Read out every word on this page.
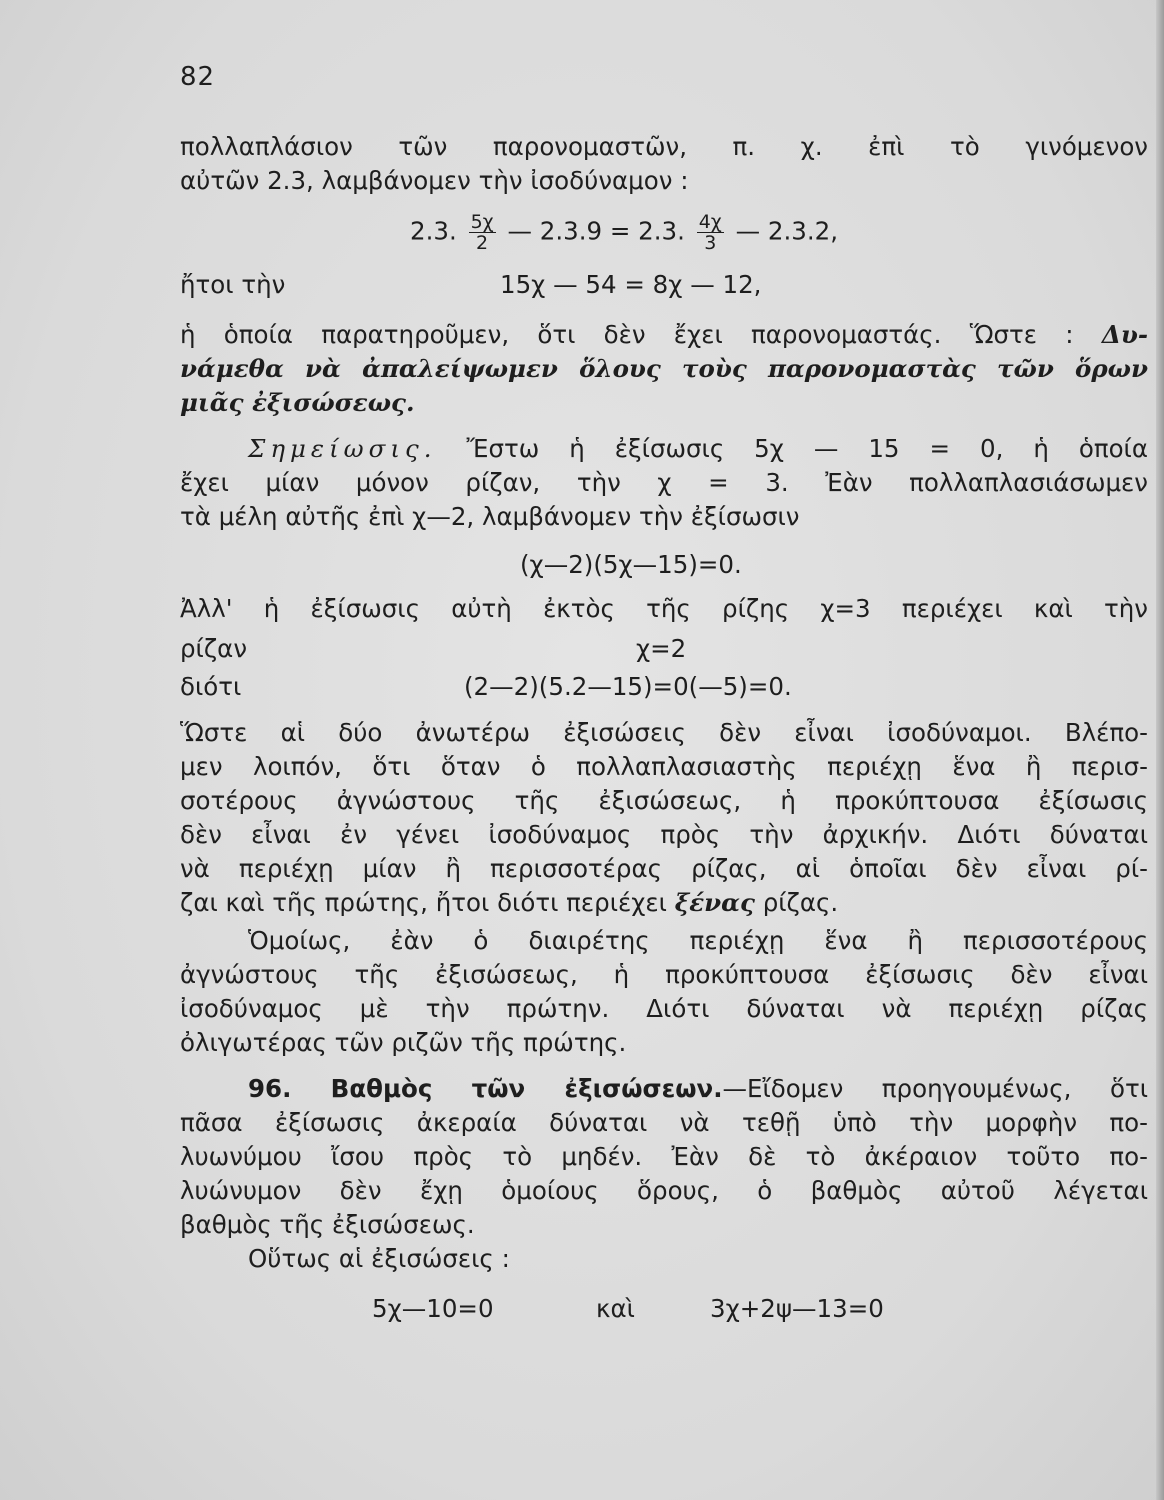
82
πολλαπλάσιον τῶν παρονομαστῶν, π. χ. ἐπὶ τὸ γινόμενον
αὐτῶν 2.3, λαμβάνομεν τὴν ἰσοδύναμον :
2.3. $\frac{5\chi}{2}$ — 2.3.9 = 2.3. $\frac{4\chi}{3}$ — 2.3.2,
ἤτοι τὴν	15χ — 54 = 8χ — 12,
ἡ ὁποία παρατηροῦμεν, ὅτι δὲν ἔχει παρονομαστάς. Ὥστε : Δυ-
νάμεθα νὰ ἀπαλείψωμεν ὅλους τοὺς παρονομαστὰς τῶν ὅρων
μιᾶς ἐξισώσεως.
Σημείωσις. Ἔστω ἡ ἐξίσωσις 5χ — 15 = 0, ἡ ὁποία
ἔχει μίαν μόνον ρίζαν, τὴν χ = 3. Ἐὰν πολλαπλασιάσωμεν
τὰ μέλη αὐτῆς ἐπὶ χ—2, λαμβάνομεν τὴν ἐξίσωσιν
(χ—2)(5χ—15)=0.
Ἀλλ' ἡ ἐξίσωσις αὐτὴ ἐκτὸς τῆς ρίζης χ=3 περιέχει καὶ τὴν
ρίζαν	χ=2
διότι	(2—2)(5.2—15)=0(—5)=0.
Ὥστε αἱ δύο ἀνωτέρω ἐξισώσεις δὲν εἶναι ἰσοδύναμοι. Βλέπο-
μεν λοιπόν, ὅτι ὅταν ὁ πολλαπλασιαστὴς περιέχῃ ἕνα ἢ περισ-
σοτέρους ἀγνώστους τῆς ἐξισώσεως, ἡ προκύπτουσα ἐξίσωσις
δὲν εἶναι ἐν γένει ἰσοδύναμος πρὸς τὴν ἀρχικήν. Διότι δύναται
νὰ περιέχῃ μίαν ἢ περισσοτέρας ρίζας, αἱ ὁποῖαι δὲν εἶναι ρί-
ζαι καὶ τῆς πρώτης, ἤτοι διότι περιέχει ξένας ρίζας.
Ὁμοίως, ἐὰν ὁ διαιρέτης περιέχῃ ἕνα ἢ περισσοτέρους
ἀγνώστους τῆς ἐξισώσεως, ἡ προκύπτουσα ἐξίσωσις δὲν εἶναι
ἰσοδύναμος μὲ τὴν πρώτην. Διότι δύναται νὰ περιέχῃ ρίζας
ὀλιγωτέρας τῶν ριζῶν τῆς πρώτης.
96. Βαθμὸς τῶν ἐξισώσεων.—Εἴδομεν προηγουμένως, ὅτι
πᾶσα ἐξίσωσις ἀκεραία δύναται νὰ τεθῇ ὑπὸ τὴν μορφὴν πο-
λυωνύμου ἴσου πρὸς τὸ μηδέν. Ἐὰν δὲ τὸ ἀκέραιον τοῦτο πο-
λυώνυμον δὲν ἔχῃ ὁμοίους ὅρους, ὁ βαθμὸς αὐτοῦ λέγεται
βαθμὸς τῆς ἐξισώσεως.
Οὕτως αἱ ἐξισώσεις :
5χ—10=0	καὶ	3χ+2ψ—13=0
